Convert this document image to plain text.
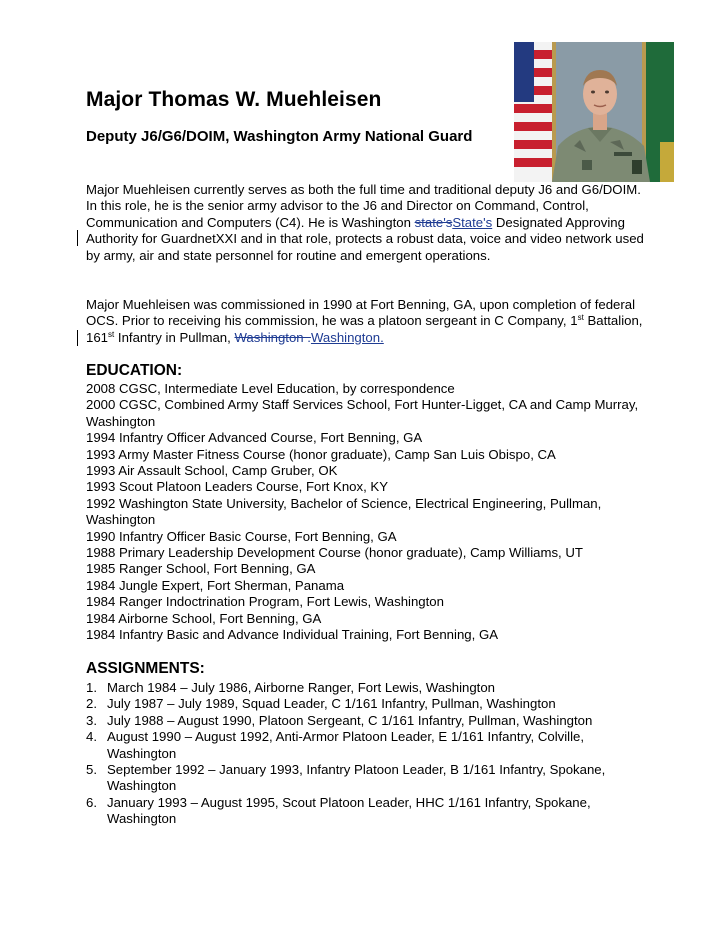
Major Thomas W. Muehleisen
Deputy J6/G6/DOIM, Washington Army National Guard

Major Muehleisen currently serves as both the full time and traditional deputy J6 and G6/DOIM. In this role, he is the senior army advisor to the J6 and Director on Command, Control, Communication and Computers (C4). He is Washington state'sState's Designated Approving Authority for GuardnetXXI and in that role, protects a robust data, voice and video network used by army, air and state personnel for routine and emergent operations.

Major Muehleisen was commissioned in 1990 at Fort Benning, GA, upon completion of federal OCS. Prior to receiving his commission, he was a platoon sergeant in C Company, 1st Battalion, 161st Infantry in Pullman, Washington .Washington.

EDUCATION:
2008 CGSC, Intermediate Level Education, by correspondence
2000 CGSC, Combined Army Staff Services School, Fort Hunter-Ligget, CA and Camp Murray, Washington
1994 Infantry Officer Advanced Course, Fort Benning, GA
1993 Army Master Fitness Course (honor graduate), Camp San Luis Obispo, CA
1993 Air Assault School, Camp Gruber, OK
1993 Scout Platoon Leaders Course, Fort Knox, KY
1992 Washington State University, Bachelor of Science, Electrical Engineering, Pullman, Washington
1990 Infantry Officer Basic Course, Fort Benning, GA
1988 Primary Leadership Development Course (honor graduate), Camp Williams, UT
1985 Ranger School, Fort Benning, GA
1984 Jungle Expert, Fort Sherman, Panama
1984 Ranger Indoctrination Program, Fort Lewis, Washington
1984 Airborne School, Fort Benning, GA
1984 Infantry Basic and Advance Individual Training, Fort Benning, GA
ASSIGNMENTS:
1. March 1984 – July 1986, Airborne Ranger, Fort Lewis, Washington
2. July 1987 – July 1989, Squad Leader, C 1/161 Infantry, Pullman, Washington
3. July 1988 – August 1990, Platoon Sergeant, C 1/161 Infantry, Pullman, Washington
4. August 1990 – August 1992, Anti-Armor Platoon Leader, E 1/161 Infantry, Colville, Washington
5. September 1992 – January 1993, Infantry Platoon Leader, B 1/161 Infantry, Spokane, Washington
6. January 1993 – August 1995, Scout Platoon Leader, HHC 1/161 Infantry, Spokane, Washington
